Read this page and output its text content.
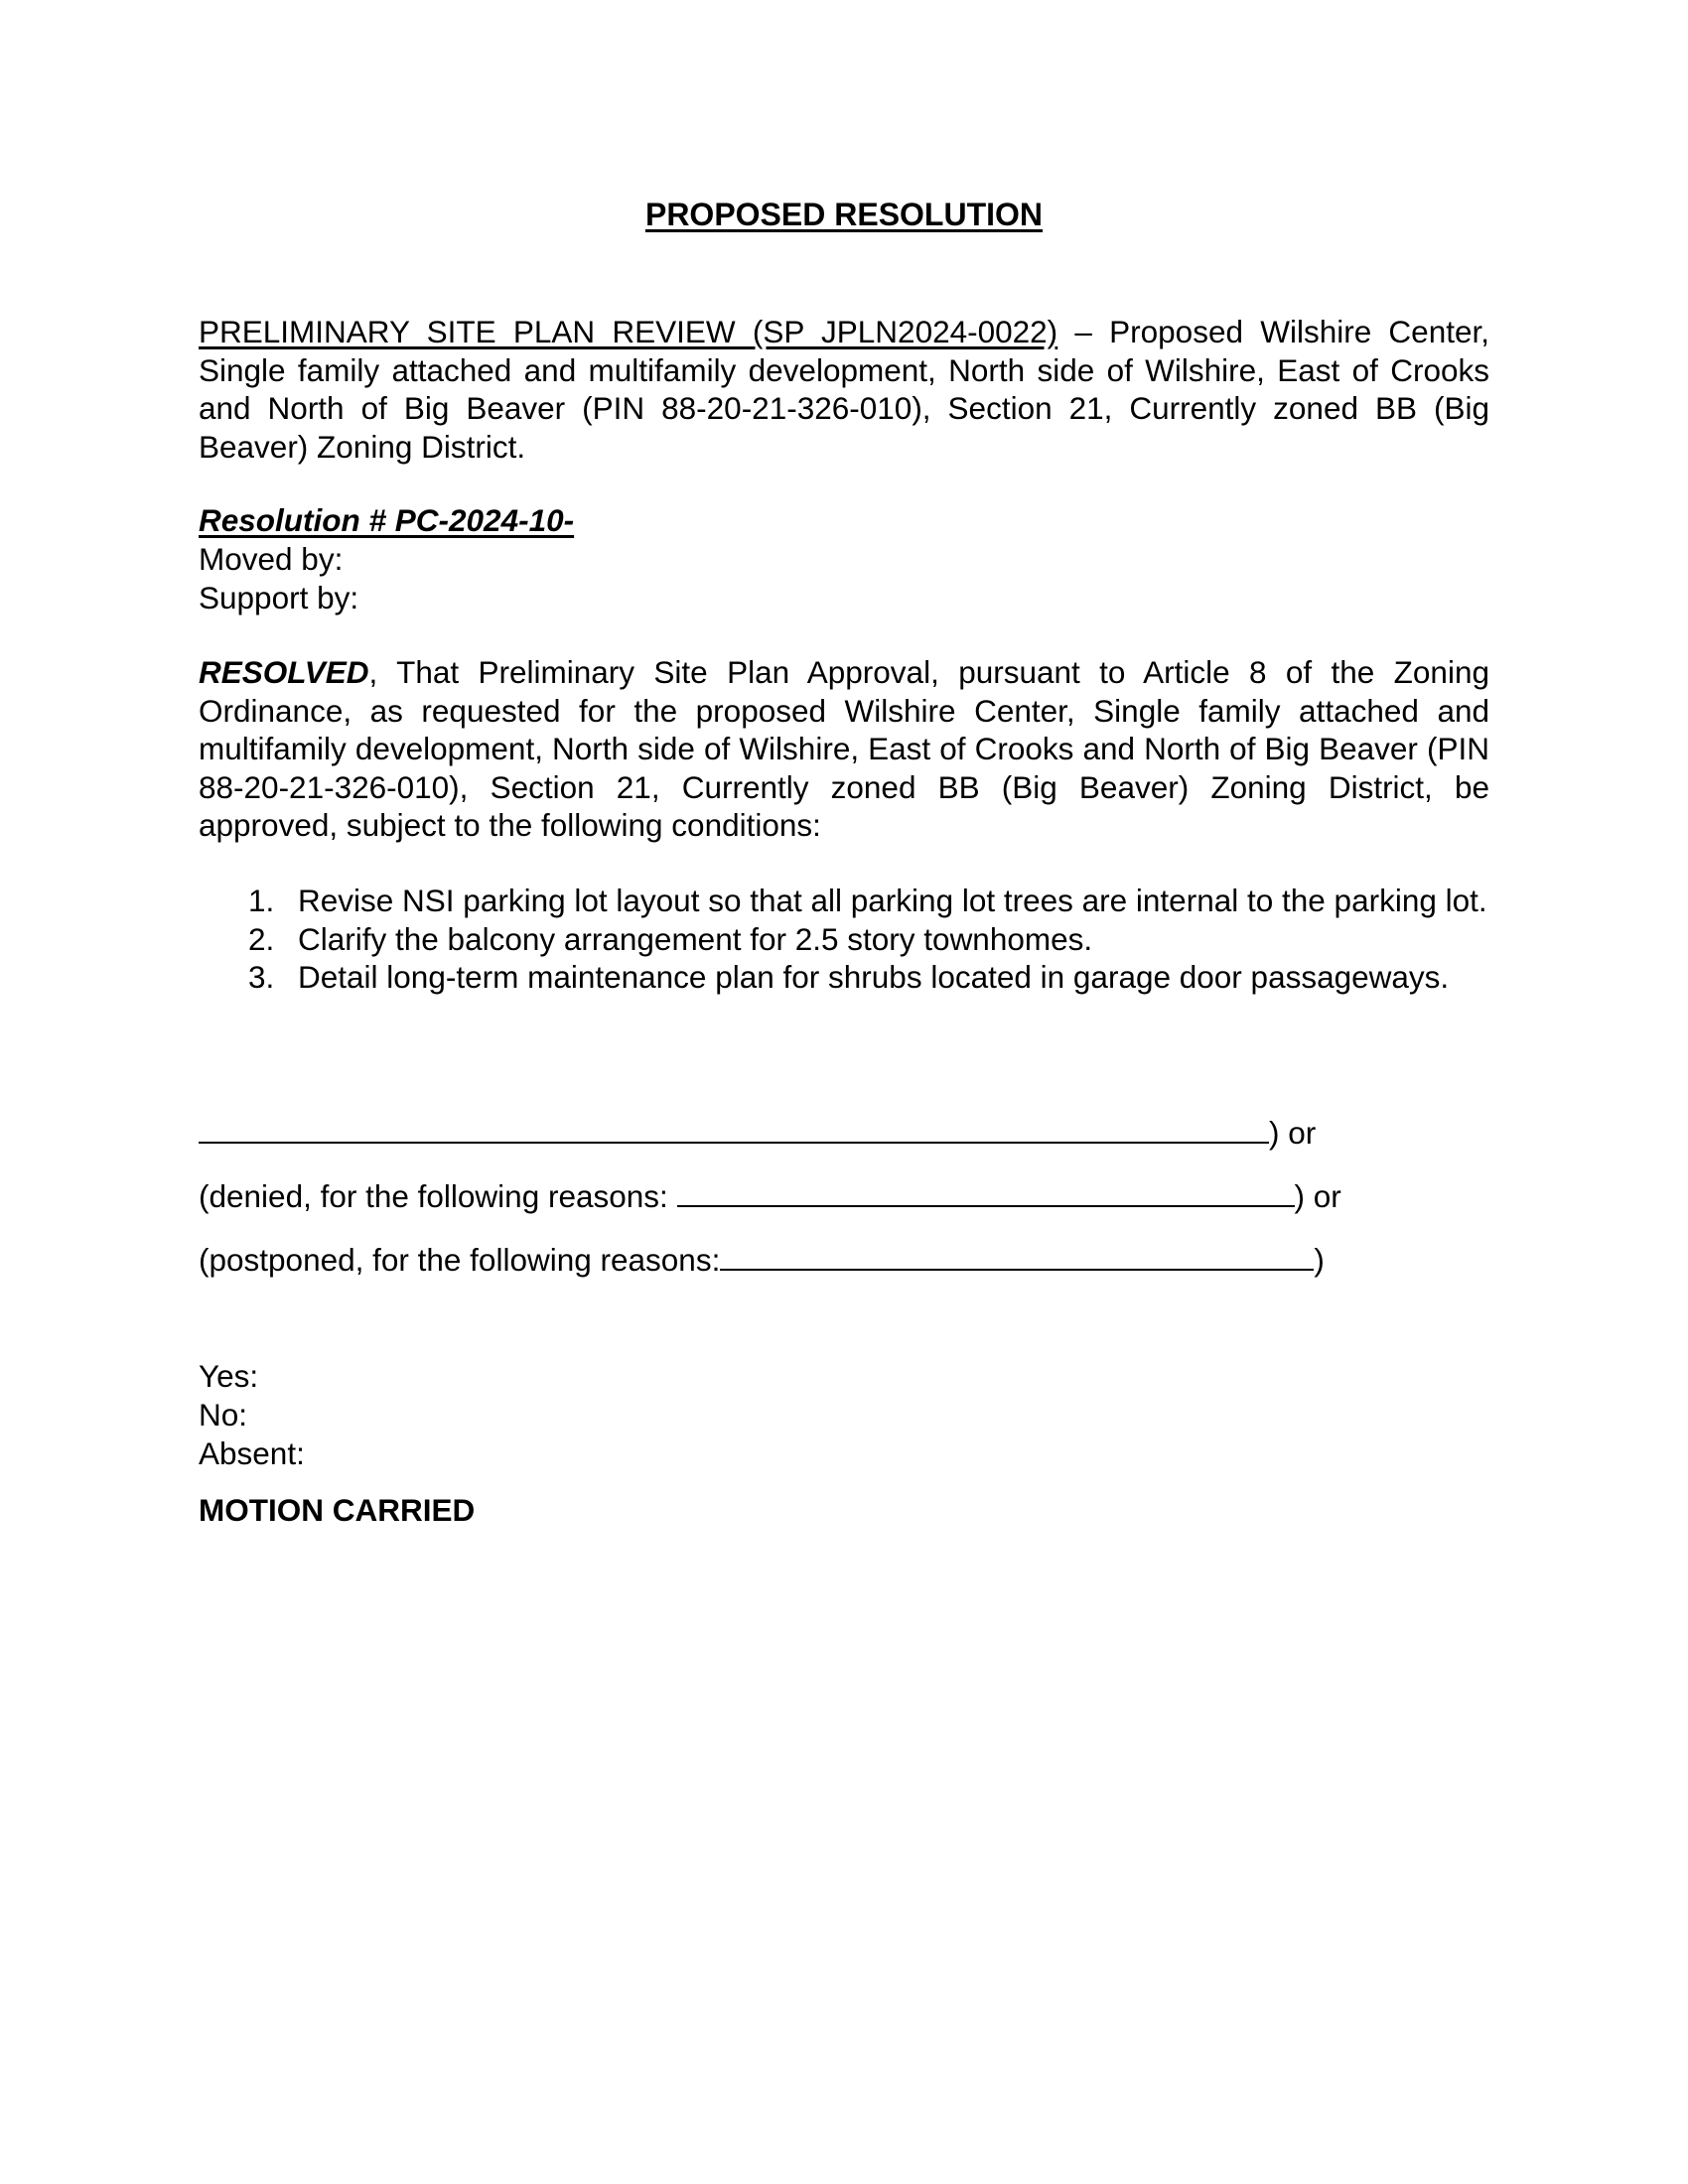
PROPOSED RESOLUTION
PRELIMINARY SITE PLAN REVIEW (SP JPLN2024-0022) – Proposed Wilshire Center, Single family attached and multifamily development, North side of Wilshire, East of Crooks and North of Big Beaver (PIN 88-20-21-326-010), Section 21, Currently zoned BB (Big Beaver) Zoning District.
Resolution # PC-2024-10-
Moved by:
Support by:
RESOLVED, That Preliminary Site Plan Approval, pursuant to Article 8 of the Zoning Ordinance, as requested for the proposed Wilshire Center, Single family attached and multifamily development, North side of Wilshire, East of Crooks and North of Big Beaver (PIN 88-20-21-326-010), Section 21, Currently zoned BB (Big Beaver) Zoning District, be approved, subject to the following conditions:
1. Revise NSI parking lot layout so that all parking lot trees are internal to the parking lot.
2. Clarify the balcony arrangement for 2.5 story townhomes.
3. Detail long-term maintenance plan for shrubs located in garage door passageways.
) or
(denied, for the following reasons:	) or
(postponed, for the following reasons:	)
Yes:
No:
Absent:
MOTION CARRIED
